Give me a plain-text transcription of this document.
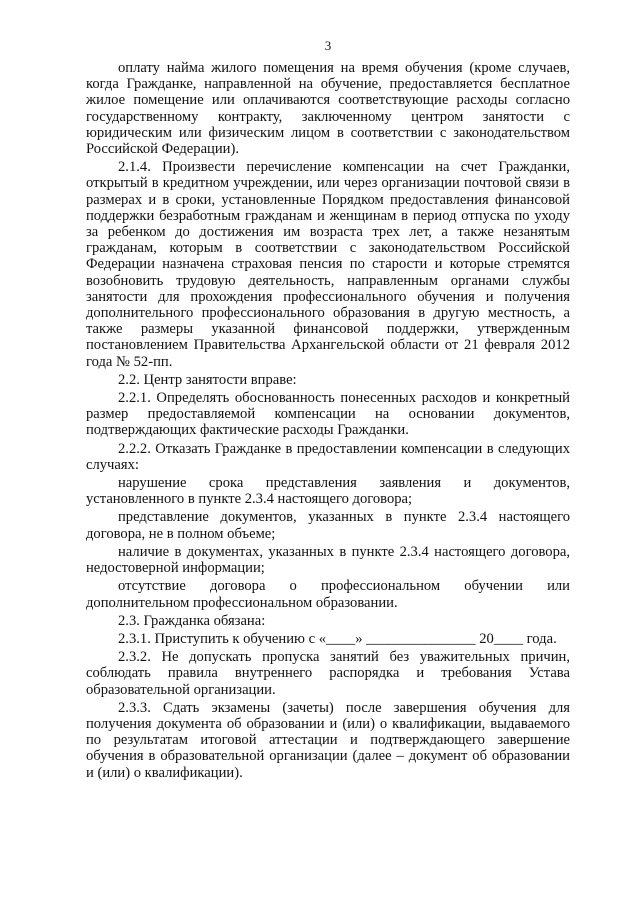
3

оплату найма жилого помещения на время обучения (кроме случаев, когда Гражданке, направленной на обучение, предоставляется бесплатное жилое помещение или оплачиваются соответствующие расходы согласно государственному контракту, заключенному центром занятости с юридическим или физическим лицом в соответствии с законодательством Российской Федерации).

2.1.4. Произвести перечисление компенсации на счет Гражданки, открытый в кредитном учреждении, или через организации почтовой связи в размерах и в сроки, установленные Порядком предоставления финансовой поддержки безработным гражданам и женщинам в период отпуска по уходу за ребенком до достижения им возраста трех лет, а также незанятым гражданам, которым в соответствии с законодательством Российской Федерации назначена страховая пенсия по старости и которые стремятся возобновить трудовую деятельность, направленным органами службы занятости для прохождения профессионального обучения и получения дополнительного профессионального образования в другую местность, а также размеры указанной финансовой поддержки, утвержденным постановлением Правительства Архангельской области от 21 февраля 2012 года № 52-пп.

2.2. Центр занятости вправе:

2.2.1. Определять обоснованность понесенных расходов и конкретный размер предоставляемой компенсации на основании документов, подтверждающих фактические расходы Гражданки.

2.2.2. Отказать Гражданке в предоставлении компенсации в следующих случаях:

нарушение срока представления заявления и документов, установленного в пункте 2.3.4 настоящего договора;

представление документов, указанных в пункте 2.3.4 настоящего договора, не в полном объеме;

наличие в документах, указанных в пункте 2.3.4 настоящего договора, недостоверной информации;

отсутствие договора о профессиональном обучении или дополнительном профессиональном образовании.

2.3. Гражданка обязана:

2.3.1. Приступить к обучению с «____» _______________ 20____ года.

2.3.2. Не допускать пропуска занятий без уважительных причин, соблюдать правила внутреннего распорядка и требования Устава образовательной организации.

2.3.3. Сдать экзамены (зачеты) после завершения обучения для получения документа об образовании и (или) о квалификации, выдаваемого по результатам итоговой аттестации и подтверждающего завершение обучения в образовательной организации (далее – документ об образовании и (или) о квалификации).
